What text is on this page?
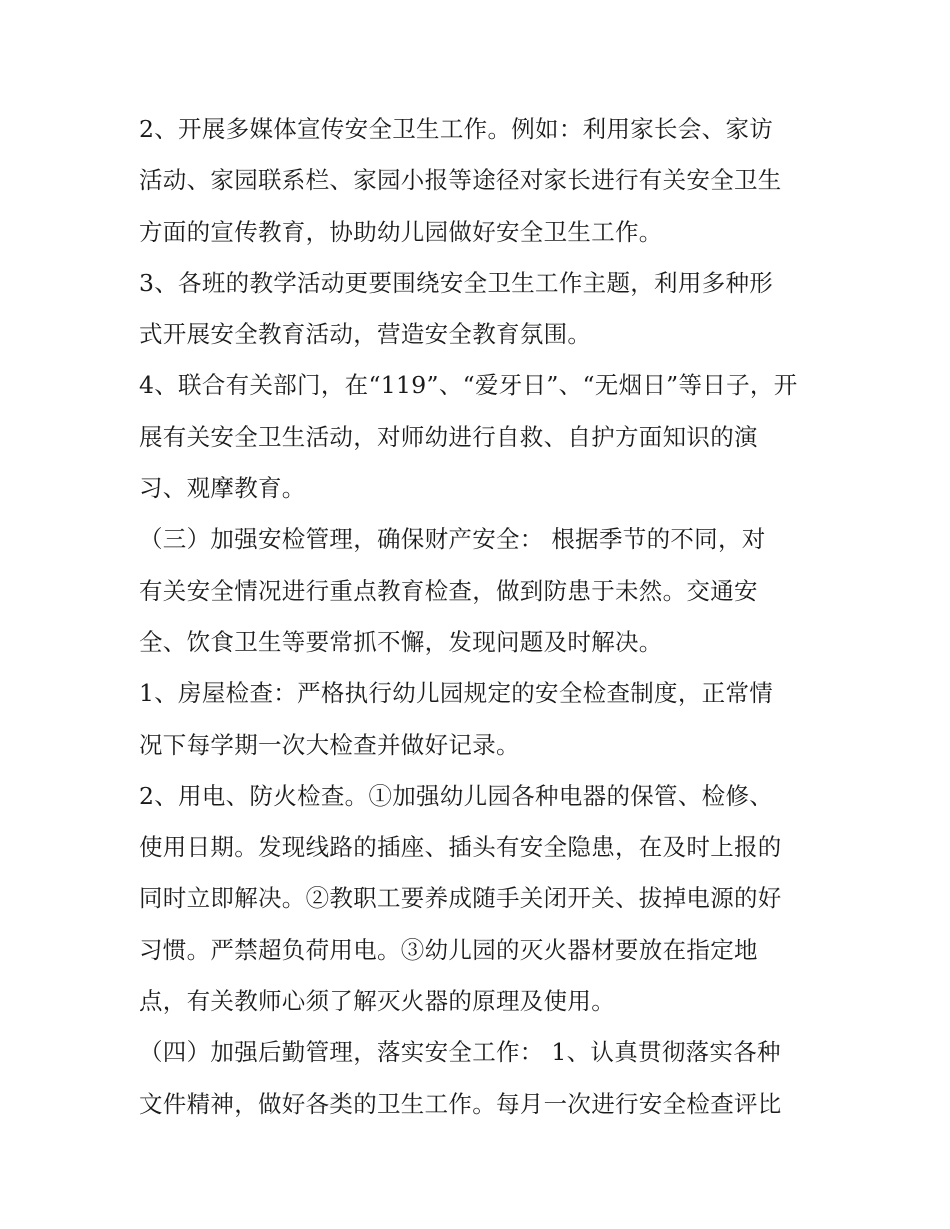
2、开展多媒体宣传安全卫生工作。例如：利用家长会、家访
活动、家园联系栏、家园小报等途径对家长进行有关安全卫生
方面的宣传教育，协助幼儿园做好安全卫生工作。
3、各班的教学活动更要围绕安全卫生工作主题，利用多种形
式开展安全教育活动，营造安全教育氛围。
4、联合有关部门，在“119”、“爱牙日”、“无烟日”等日子，开
展有关安全卫生活动，对师幼进行自救、自护方面知识的演
习、观摩教育。
（三）加强安检管理，确保财产安全： 根据季节的不同，对
有关安全情况进行重点教育检查，做到防患于未然。交通安
全、饮食卫生等要常抓不懈，发现问题及时解决。
1、房屋检查：严格执行幼儿园规定的安全检查制度，正常情
况下每学期一次大检查并做好记录。
2、用电、防火检查。①加强幼儿园各种电器的保管、检修、
使用日期。发现线路的插座、插头有安全隐患，在及时上报的
同时立即解决。②教职工要养成随手关闭开关、拔掉电源的好
习惯。严禁超负荷用电。③幼儿园的灭火器材要放在指定地
点，有关教师心须了解灭火器的原理及使用。
（四）加强后勤管理，落实安全工作： 1、认真贯彻落实各种
文件精神，做好各类的卫生工作。每月一次进行安全检查评比
